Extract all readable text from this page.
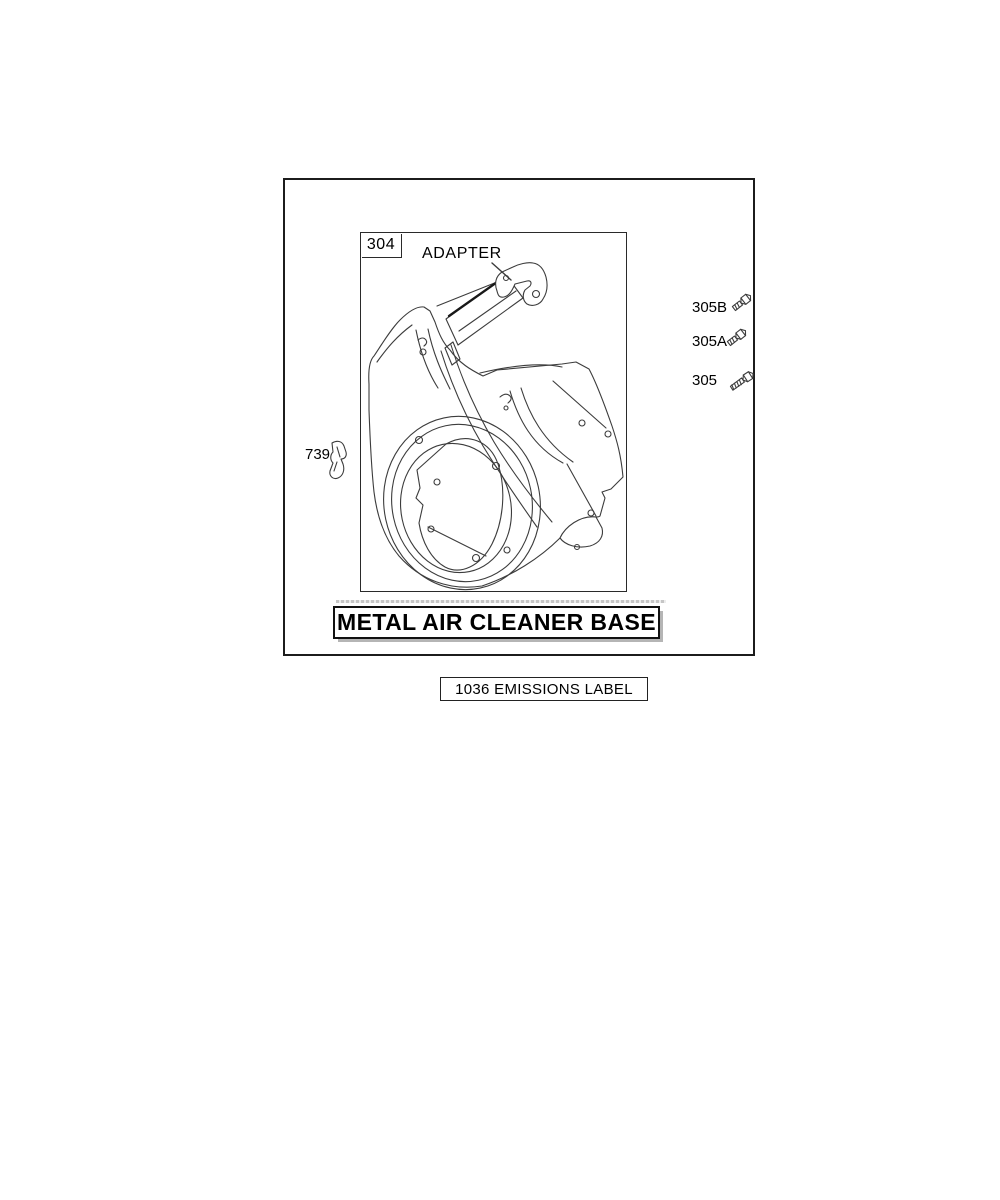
304
ADAPTER
305B
305A
305
739
METAL AIR CLEANER BASE
1036 EMISSIONS LABEL
